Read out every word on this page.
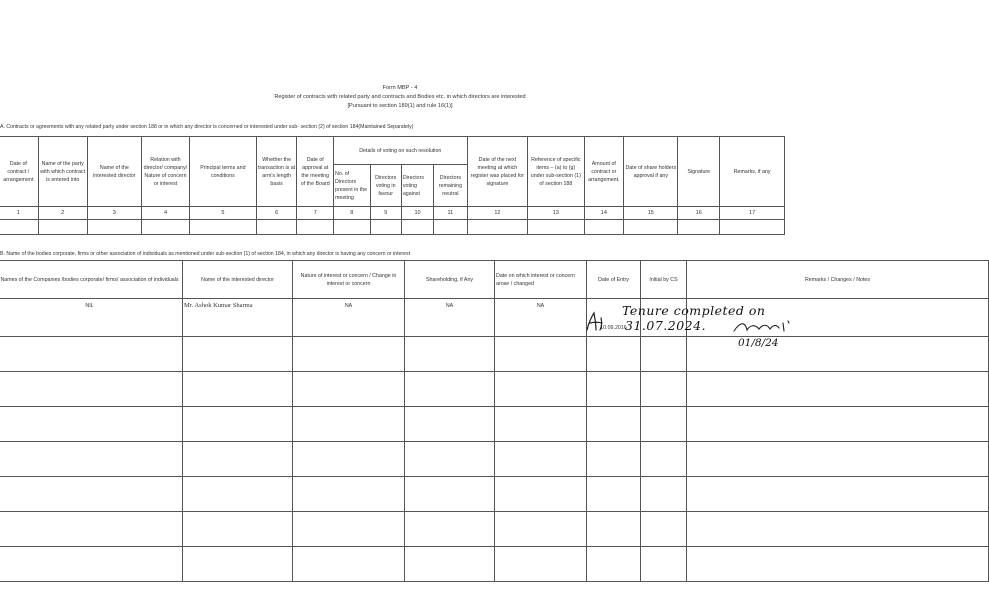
Form MBP - 4
Register of contracts with related party and contracts and Bodies etc. in which directors are interested
[Pursuant to section 189(1) and rule 16(1)]
A. Contracts or agreements with any related party under section 188 or in which any director is concerned or interested under sub- section (2) of section 184(Maintained Separately)
Date of contract / arrangement	Name of the party with which contract is entered into	Name of the interested director	Relation with director/ company/ Nature of concern or interest	Principal terms and conditions	Whether the transaction is at arm's length basis	Date of approval at the meeting of the Board	Details of voting on such resolution				Date of the next meeting at which register was placed for signature	Reference of specific items – (a) to (g) under sub-section (1) of section 188	Amount of contract or arrangement.	Date of share holders approval if any	Signature	Remarks, if any
							No. of Directors present in the meeting	Directors voting in favour	Directors voting against	Directors remaining neutral						
1	2	3	4	5	6	7	8	9	10	11	12	13	14	15	16	17

B. Name of the bodies corporate, firms or other association of individuals as mentioned under sub-section (1) of section 184, in which any director is having any concern or interest
Names of the Companies /bodies corporate/ firms/ association of individuals	Name of the interested director	Nature of interest or concern / Change in interest or concern	Shareholding, if Any	Date on which interest or concern arose / changed	Date of Entry	Initial by CS	Remarks / Changes / Notes
NIL	Mr. Ashok Kumar Sharma	NA	NA	NA	10.09.2016		

Tenure completed on
31.07.2024.
01/8/24
